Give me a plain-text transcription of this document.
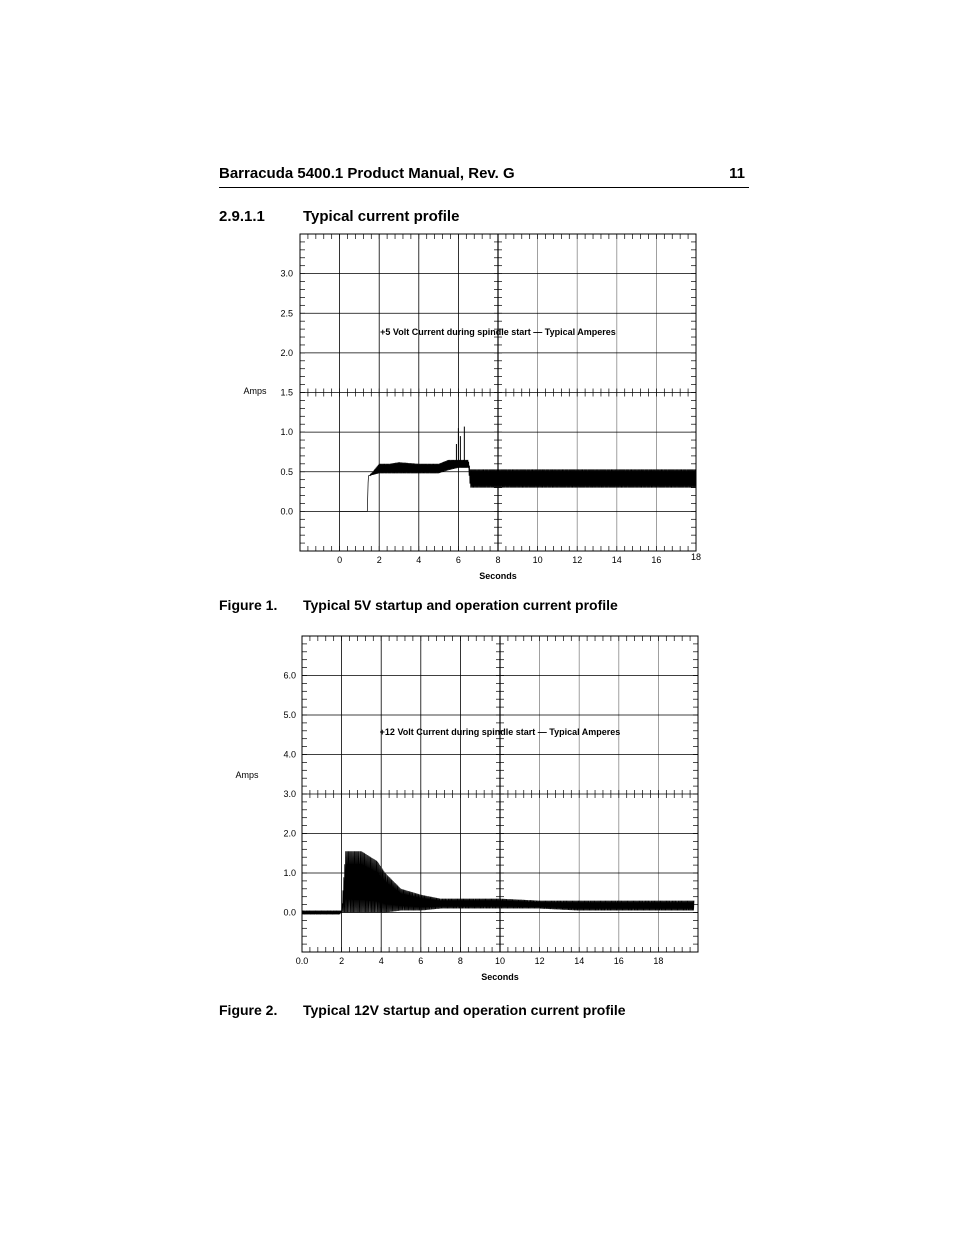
Barracuda 5400.1 Product Manual, Rev. G	11
2.9.1.1	Typical current profile
0	2	4	6	8	10	12	14	16	18
0.0
0.5
1.0
1.5
2.0
2.5
3.0
Seconds
Amps
+5 Volt Current during spindle start — Typical Amperes
0.0	2	4	6	8	10	12	14	16	18
0.0
1.0
2.0
3.0
4.0
5.0
6.0
Seconds
Amps
+12 Volt Current during spindle start — Typical Amperes
Figure 1. Typical 5V startup and operation current profile
Figure 2. Typical 12V startup and operation current profile
